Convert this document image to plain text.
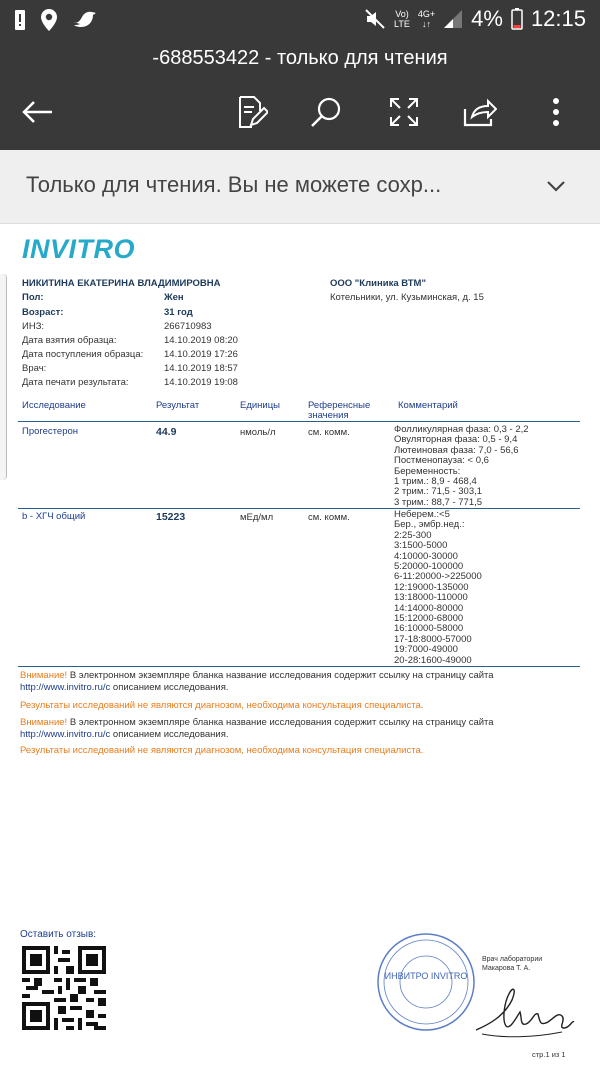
Vo)
LTE
4G+
↓↑ 4% 12:15
-688553422 - только для чтения
Только для чтения. Вы не можете сохр...
INVITRO
НИКИТИНА ЕКАТЕРИНА ВЛАДИМИРОВНА
Пол:	Жен
Возраст:	31 год
ИНЗ:	266710983
Дата взятия образца:	14.10.2019 08:20
Дата поступления образца: 14.10.2019 17:26
Врач:	14.10.2019 18:57
Дата печати результата:	14.10.2019 19:08
ООО "Клиника ВТМ"
Котельники, ул. Кузьминская, д. 15
Исследование	Результат	Единицы	Референсные
значения
Комментарий
Прогестерон	44.9	нмоль/л	см. комм.	Фолликулярная фаза: 0,3 - 2,2
Овуляторная фаза: 0,5 - 9,4
Лютеиновая фаза: 7,0 - 56,6
Постменопауза: < 0,6
Беременность:
1 трим.: 8,9 - 468,4
2 трим.: 71,5 - 303,1
3 трим.: 88,7 - 771,5
b - ХГЧ общий	15223	мЕд/мл	см. комм.	Неберем.:<5
Бер., эмбр.нед.:
2:25-300
3:1500-5000
4:10000-30000
5:20000-100000
6-11:20000->225000
12:19000-135000
13:18000-110000
14:14000-80000
15:12000-68000
16:10000-58000
17-18:8000-57000
19:7000-49000
20-28:1600-49000
Внимание! В электронном экземпляре бланка название исследования содержит ссылку на страницу сайта
http://www.invitro.ru/c описанием исследования.
Результаты исследований не являются диагнозом, необходима консультация специалиста.
Внимание! В электронном экземпляре бланка название исследования содержит ссылку на страницу сайта
http://www.invitro.ru/c описанием исследования.
Результаты исследований не являются диагнозом, необходима консультация специалиста.
Оставить отзыв:
ИНВИТРО INVITRO
Врач лаборатории
Макарова Т. А.
стр.1 из 1
